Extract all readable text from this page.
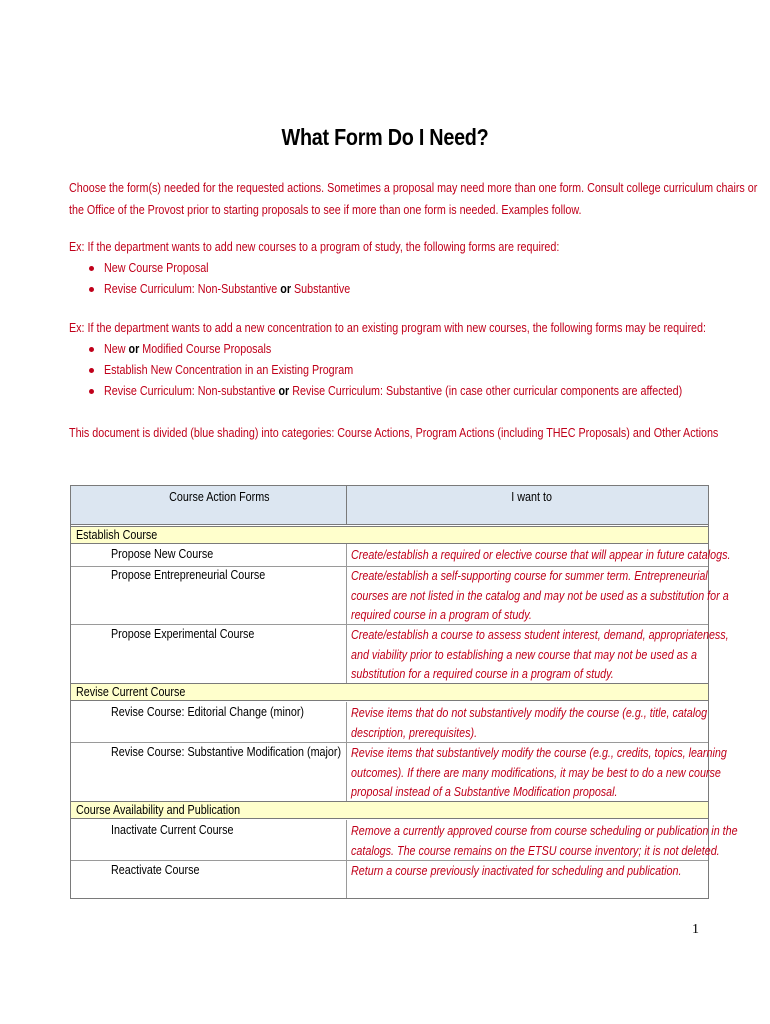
What Form Do I Need?
Choose the form(s) needed for the requested actions. Sometimes a proposal may need more than one form. Consult college curriculum chairs or
the Office of the Provost prior to starting proposals to see if more than one form is needed. Examples follow.
Ex: If the department wants to add new courses to a program of study, the following forms are required:
New Course Proposal
Revise Curriculum: Non-Substantive or Substantive
Ex: If the department wants to add a new concentration to an existing program with new courses, the following forms may be required:
New or Modified Course Proposals
Establish New Concentration in an Existing Program
Revise Curriculum: Non-substantive or Revise Curriculum: Substantive (in case other curricular components are affected)
This document is divided (blue shading) into categories: Course Actions, Program Actions (including THEC Proposals) and Other Actions
Course Action Forms	I want to
Establish Course
Propose New Course	Create/establish a required or elective course that will appear in future catalogs.
Propose Entrepreneurial Course	Create/establish a self-supporting course for summer term. Entrepreneurial
courses are not listed in the catalog and may not be used as a substitution for a
required course in a program of study.
Propose Experimental Course	Create/establish a course to assess student interest, demand, appropriateness,
and viability prior to establishing a new course that may not be used as a
substitution for a required course in a program of study.
Revise Current Course
Revise Course: Editorial Change (minor)	Revise items that do not substantively modify the course (e.g., title, catalog
description, prerequisites).
Revise Course: Substantive Modification (major) Revise items that substantively modify the course (e.g., credits, topics, learning
outcomes). If there are many modifications, it may be best to do a new course
proposal instead of a Substantive Modification proposal.
Course Availability and Publication
Inactivate Current Course	Remove a currently approved course from course scheduling or publication in the
catalogs. The course remains on the ETSU course inventory; it is not deleted.
Reactivate Course	Return a course previously inactivated for scheduling and publication.
1
